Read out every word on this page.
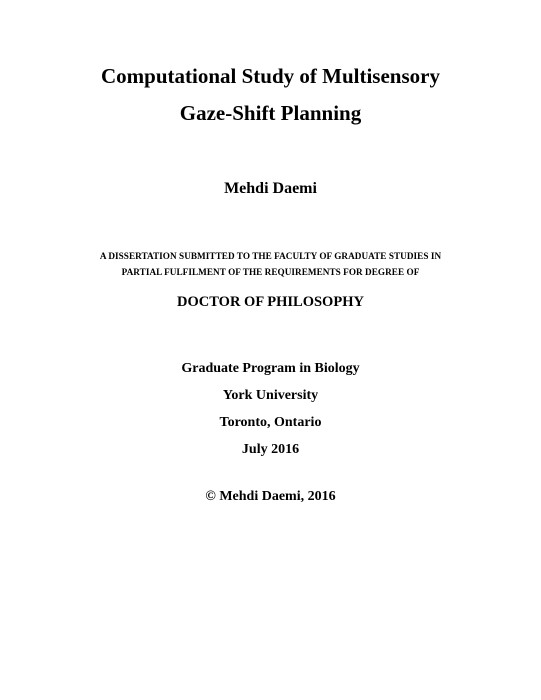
Computational Study of Multisensory
Gaze-Shift Planning
Mehdi Daemi
A DISSERTATION SUBMITTED TO THE FACULTY OF GRADUATE STUDIES IN
PARTIAL FULFILMENT OF THE REQUIREMENTS FOR DEGREE OF
DOCTOR OF PHILOSOPHY
Graduate Program in Biology
York University
Toronto, Ontario
July 2016
© Mehdi Daemi, 2016
